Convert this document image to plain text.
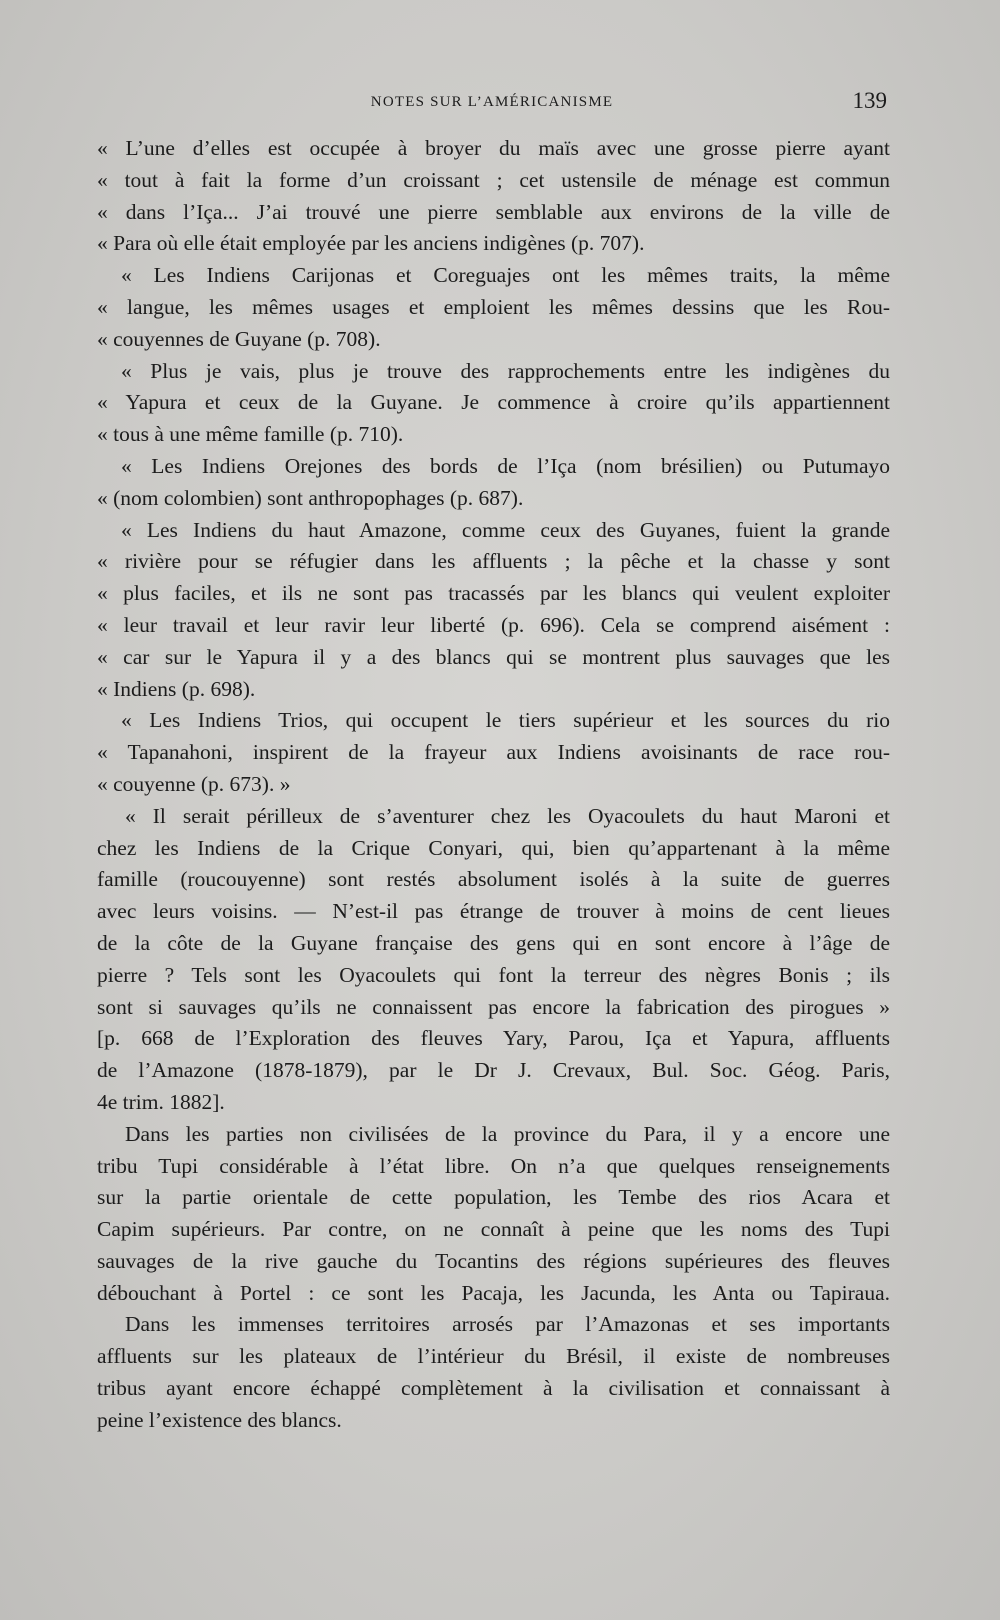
NOTES SUR L’AMÉRICANISME	139
« L’une d’elles est occupée à broyer du maïs avec une grosse pierre ayant
« tout à fait la forme d’un croissant ; cet ustensile de ménage est commun
« dans l’Iça... J’ai trouvé une pierre semblable aux environs de la ville de
« Para où elle était employée par les anciens indigènes (p. 707).
« Les Indiens Carijonas et Coreguajes ont les mêmes traits, la même
« langue, les mêmes usages et emploient les mêmes dessins que les Rou-
« couyennes de Guyane (p. 708).
« Plus je vais, plus je trouve des rapprochements entre les indigènes du
« Yapura et ceux de la Guyane. Je commence à croire qu’ils appartiennent
« tous à une même famille (p. 710).
« Les Indiens Orejones des bords de l’Iça (nom brésilien) ou Putumayo
« (nom colombien) sont anthropophages (p. 687).
« Les Indiens du haut Amazone, comme ceux des Guyanes, fuient la grande
« rivière pour se réfugier dans les affluents ; la pêche et la chasse y sont
« plus faciles, et ils ne sont pas tracassés par les blancs qui veulent exploiter
« leur travail et leur ravir leur liberté (p. 696). Cela se comprend aisément :
« car sur le Yapura il y a des blancs qui se montrent plus sauvages que les
« Indiens (p. 698).
« Les Indiens Trios, qui occupent le tiers supérieur et les sources du rio
« Tapanahoni, inspirent de la frayeur aux Indiens avoisinants de race rou-
« couyenne (p. 673). »
« Il serait périlleux de s’aventurer chez les Oyacoulets du haut Maroni et
chez les Indiens de la Crique Conyari, qui, bien qu’appartenant à la même
famille (roucouyenne) sont restés absolument isolés à la suite de guerres
avec leurs voisins. — N’est-il pas étrange de trouver à moins de cent lieues
de la côte de la Guyane française des gens qui en sont encore à l’âge de
pierre ? Tels sont les Oyacoulets qui font la terreur des nègres Bonis ; ils
sont si sauvages qu’ils ne connaissent pas encore la fabrication des pirogues »
[p. 668 de l’Exploration des fleuves Yary, Parou, Iça et Yapura, affluents
de l’Amazone (1878-1879), par le Dr J. Crevaux, Bul. Soc. Géog. Paris,
4e trim. 1882].
Dans les parties non civilisées de la province du Para, il y a encore une
tribu Tupi considérable à l’état libre. On n’a que quelques renseignements
sur la partie orientale de cette population, les Tembe des rios Acara et
Capim supérieurs. Par contre, on ne connaît à peine que les noms des Tupi
sauvages de la rive gauche du Tocantins des régions supérieures des fleuves
débouchant à Portel : ce sont les Pacaja, les Jacunda, les Anta ou Tapiraua.
Dans les immenses territoires arrosés par l’Amazonas et ses importants
affluents sur les plateaux de l’intérieur du Brésil, il existe de nombreuses
tribus ayant encore échappé complètement à la civilisation et connaissant à
peine l’existence des blancs.
